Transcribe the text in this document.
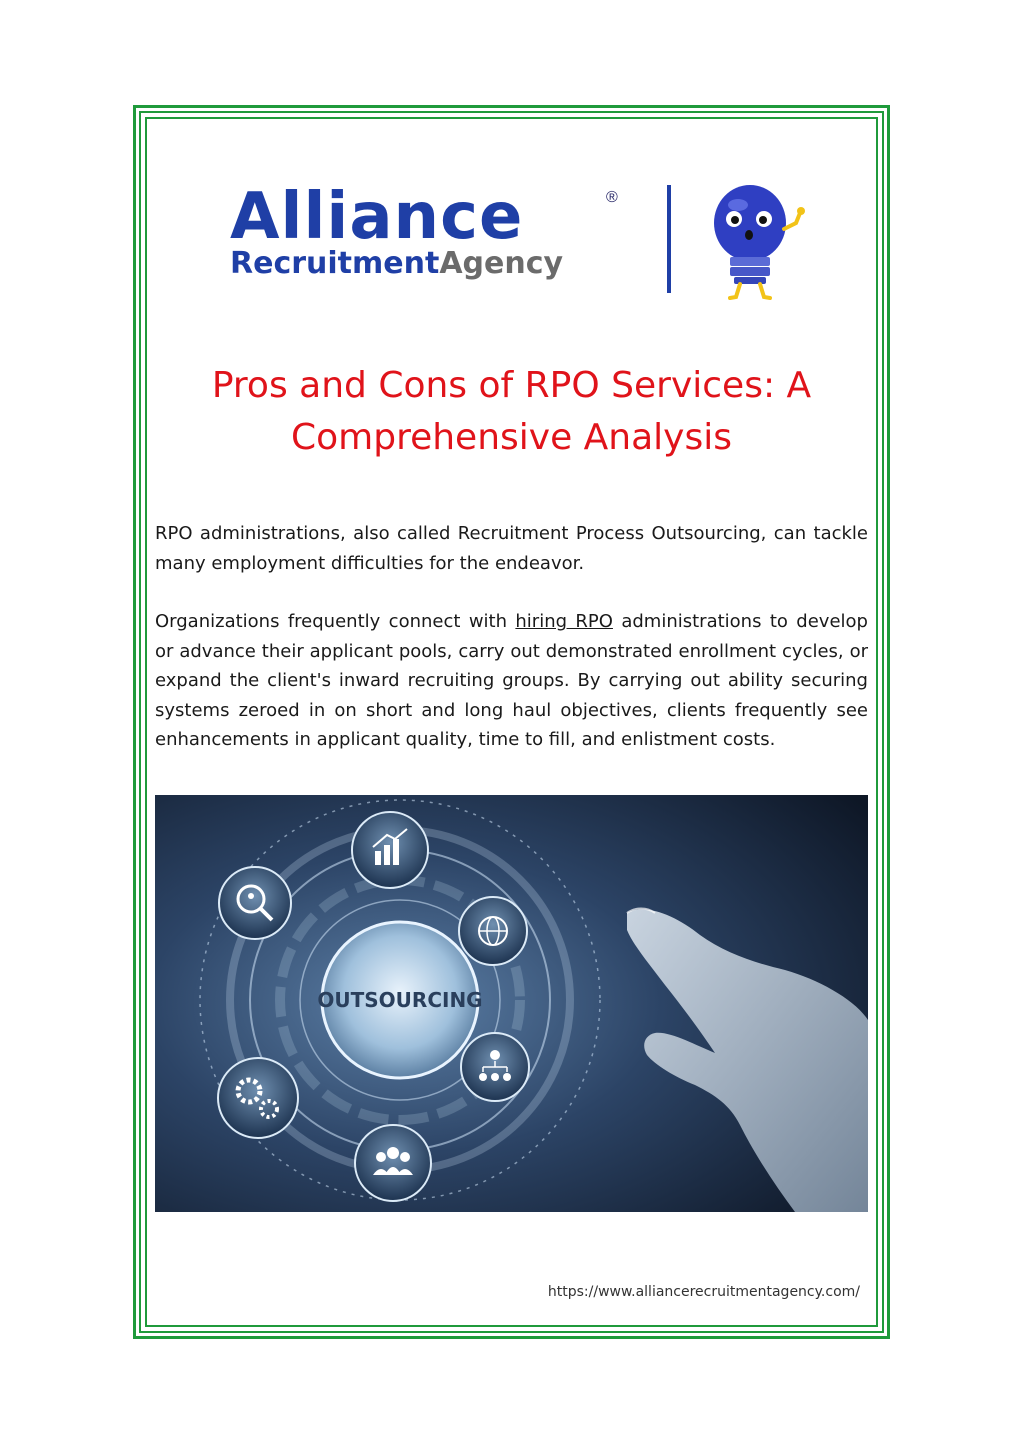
Alliance
RecruitmentAgency
®
Pros and Cons of RPO Services: A
Comprehensive Analysis

RPO administrations, also called Recruitment Process Outsourcing, can tackle many employment difficulties for the endeavor.

Organizations frequently connect with hiring RPO administrations to develop or advance their applicant pools, carry out demonstrated enrollment cycles, or expand the client's inward recruiting groups. By carrying out ability securing systems zeroed in on short and long haul objectives, clients frequently see enhancements in applicant quality, time to fill, and enlistment costs.

OUTSOURCING
https://www.alliancerecruitmentagency.com/
